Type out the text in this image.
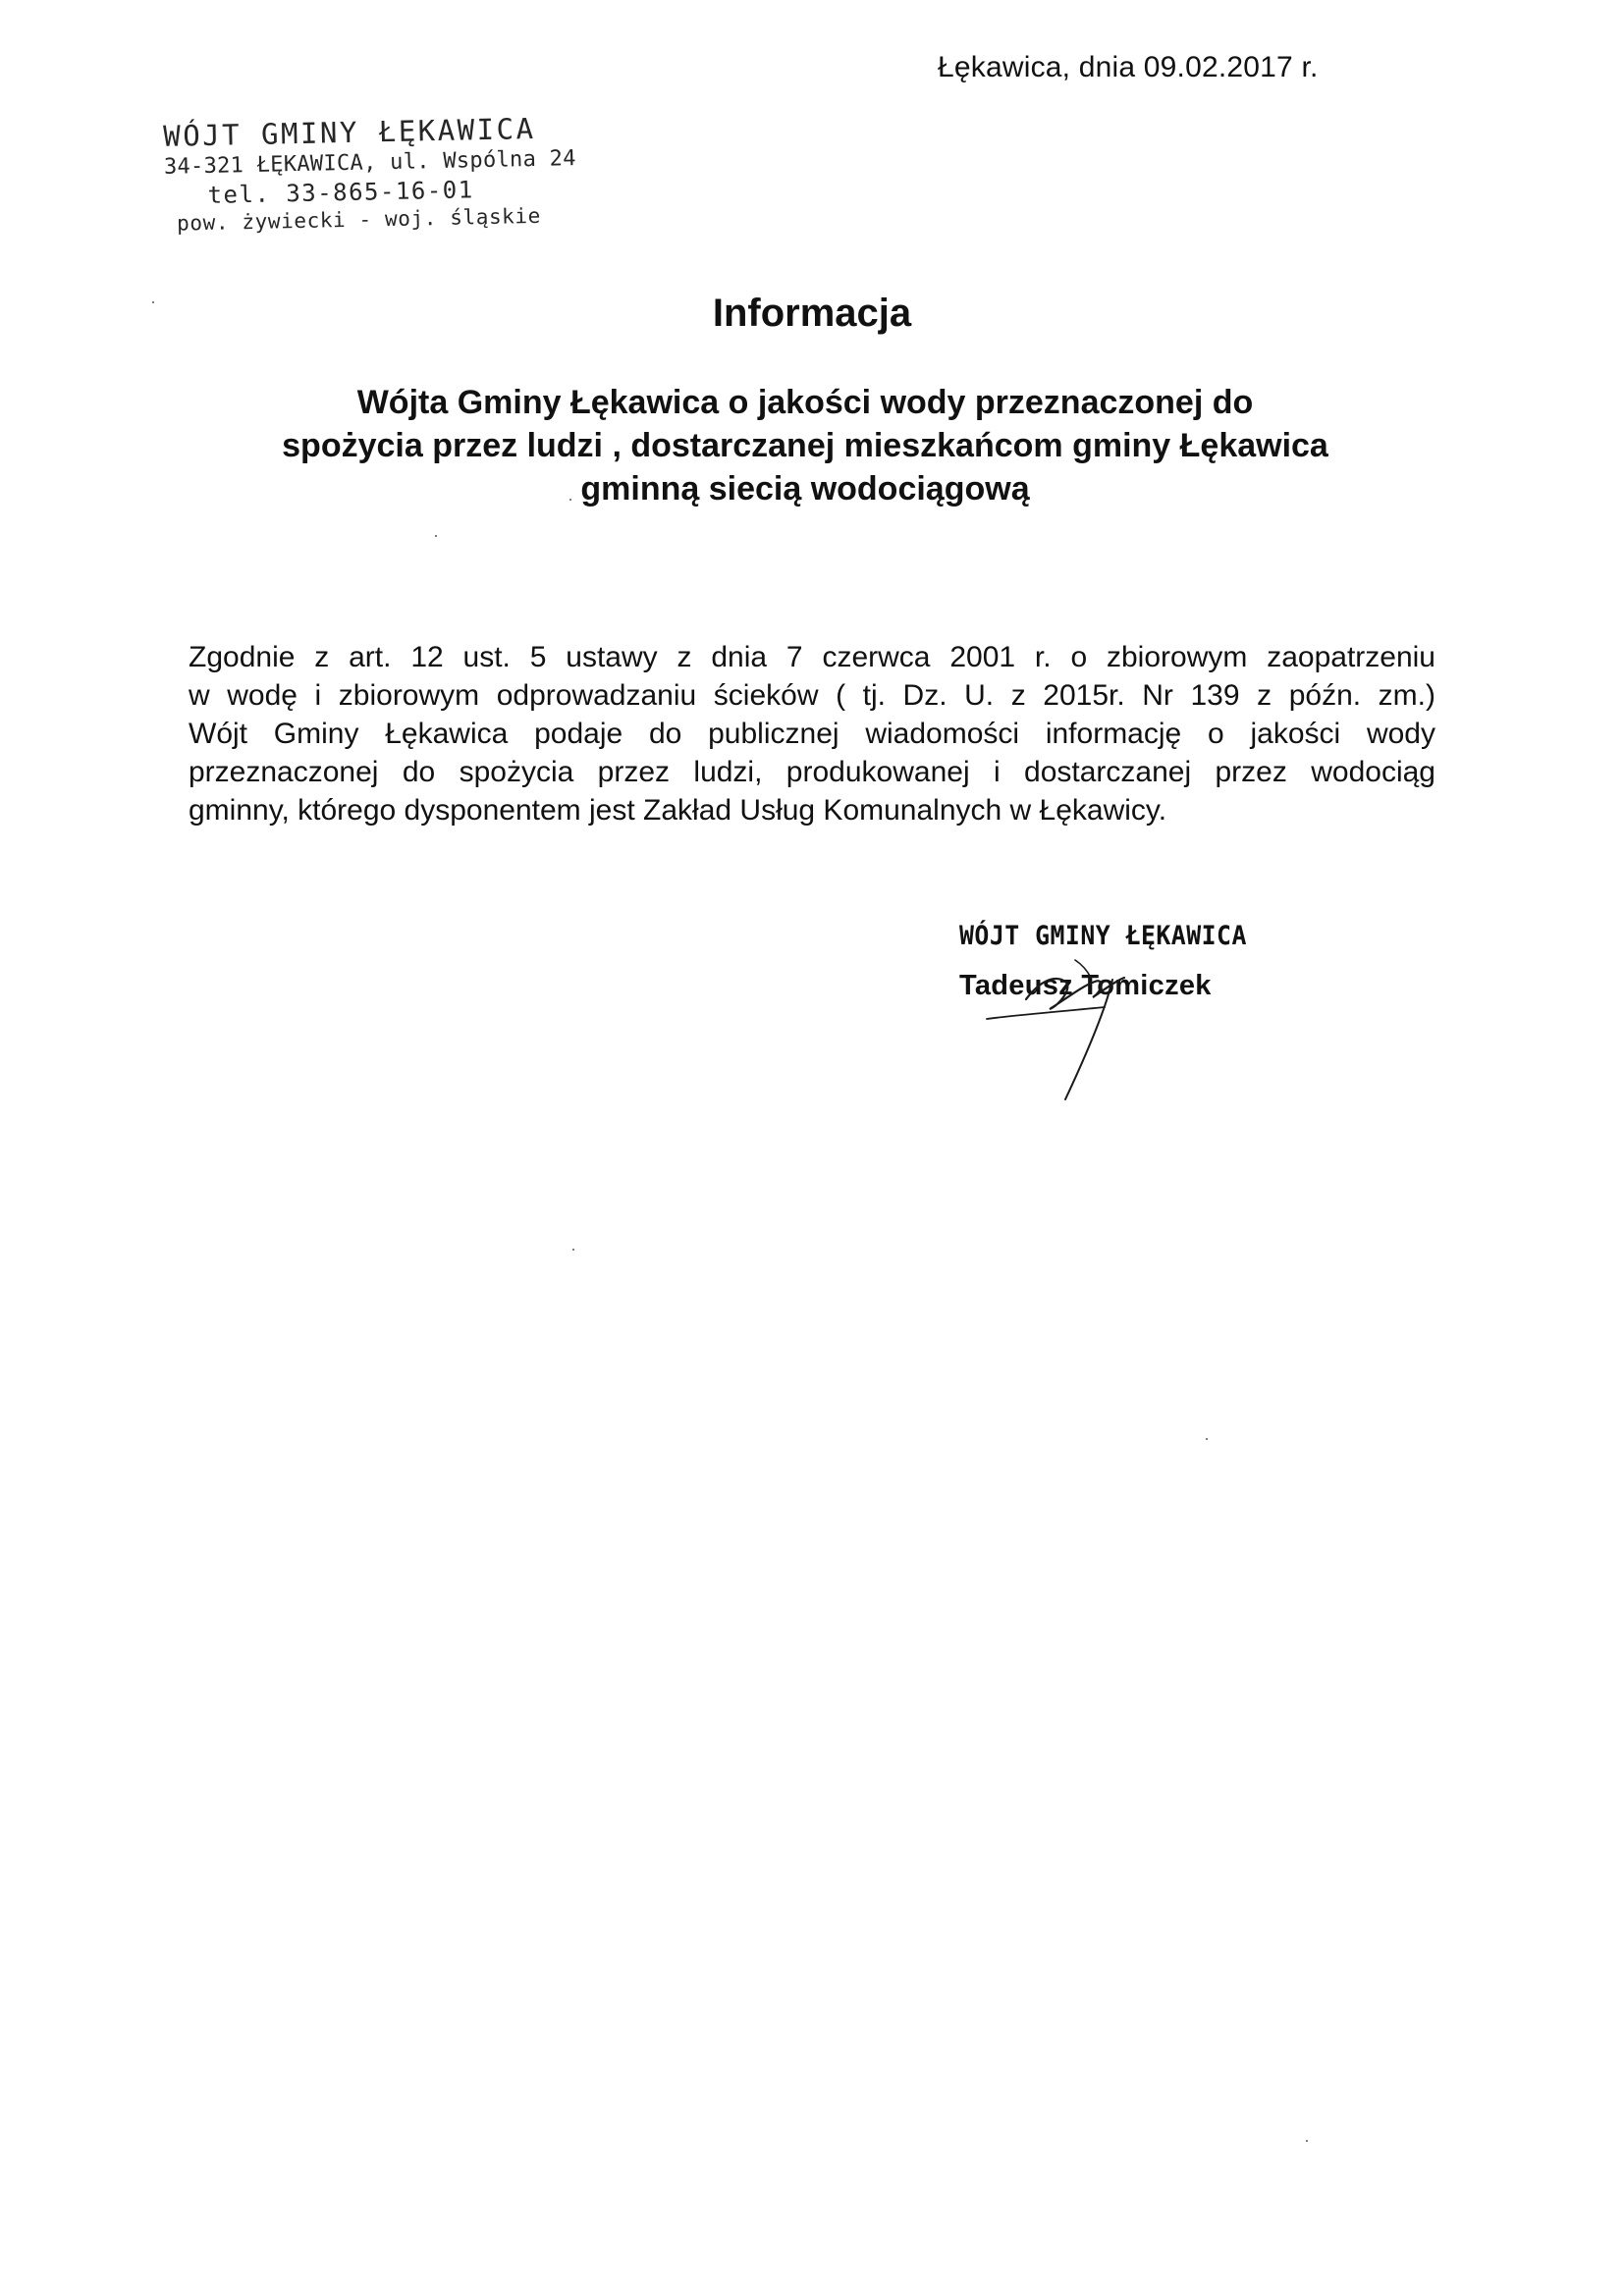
Łękawica, dnia 09.02.2017 r.
WÓJT GMINY ŁĘKAWICA
34-321 ŁĘKAWICA, ul. Wspólna 24
tel. 33-865-16-01
pow. żywiecki - woj. śląskie
Informacja
Wójta Gminy Łękawica o jakości wody przeznaczonej do
spożycia przez ludzi , dostarczanej mieszkańcom gminy Łękawica
gminną siecią wodociągową
Zgodnie z art. 12 ust. 5 ustawy z dnia 7 czerwca 2001 r. o zbiorowym zaopatrzeniu
w wodę i zbiorowym odprowadzaniu ścieków ( tj. Dz. U. z 2015r. Nr 139 z późn. zm.)
Wójt Gminy Łękawica podaje do publicznej wiadomości informację o jakości wody
przeznaczonej do spożycia przez ludzi, produkowanej i dostarczanej przez wodociąg
gminny, którego dysponentem jest Zakład Usług Komunalnych w Łękawicy.
WÓJT GMINY ŁĘKAWICA
Tadeusz Tomiczek
